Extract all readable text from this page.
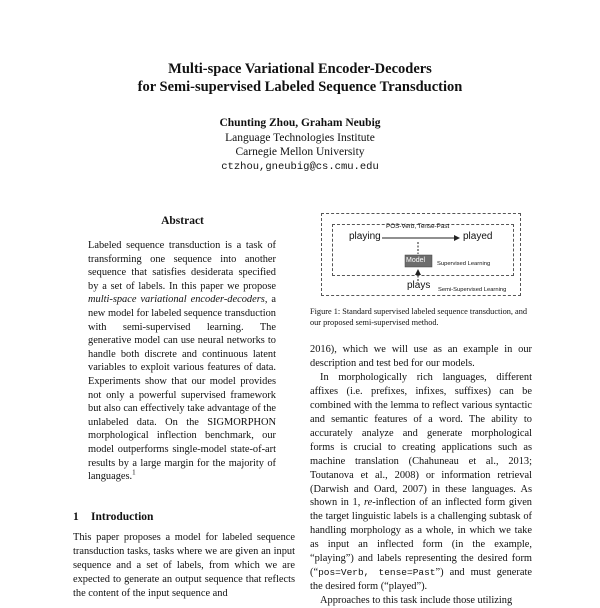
Multi-space Variational Encoder-Decoders
for Semi-supervised Labeled Sequence Transduction
Chunting Zhou, Graham Neubig
Language Technologies Institute
Carnegie Mellon University
ctzhou,gneubig@cs.cmu.edu
Abstract
Labeled sequence transduction is a task of transforming one sequence into another sequence that satisfies desiderata specified by a set of labels. In this paper we propose multi-space variational encoder-decoders, a new model for labeled sequence transduction with semi-supervised learning. The generative model can use neural networks to handle both discrete and continuous latent variables to exploit various features of data. Experiments show that our model provides not only a powerful supervised framework but also can effectively take advantage of the unlabeled data. On the SIGMORPHON morphological inflection benchmark, our model outperforms single-model state-of-art results by a large margin for the majority of languages.$^1$
1 Introduction
This paper proposes a model for labeled sequence transduction tasks, tasks where we are given an input sequence and a set of labels, from which we are expected to generate an output sequence that reflects the content of the input sequence and
POS-Verb, Tense-Past
playing	played
Model Supervised Learning
plays Semi-Supervised Learning
Figure 1: Standard supervised labeled sequence transduction, and our proposed semi-supervised method.

2016), which we will use as an example in our description and test bed for our models.

In morphologically rich languages, different affixes (i.e. prefixes, infixes, suffixes) can be combined with the lemma to reflect various syntactic and semantic features of a word. The ability to accurately analyze and generate morphological forms is crucial to creating applications such as machine translation (Chahuneau et al., 2013; Toutanova et al., 2008) or information retrieval (Darwish and Oard, 2007) in these languages. As shown in 1, re-inflection of an inflected form given the target linguistic labels is a challenging subtask of handling morphology as a whole, in which we take as input an inflected form (in the example, “playing”) and labels representing the desired form (“pos=Verb, tense=Past”) and must generate the desired form (“played”).

Approaches to this task include those utilizing
